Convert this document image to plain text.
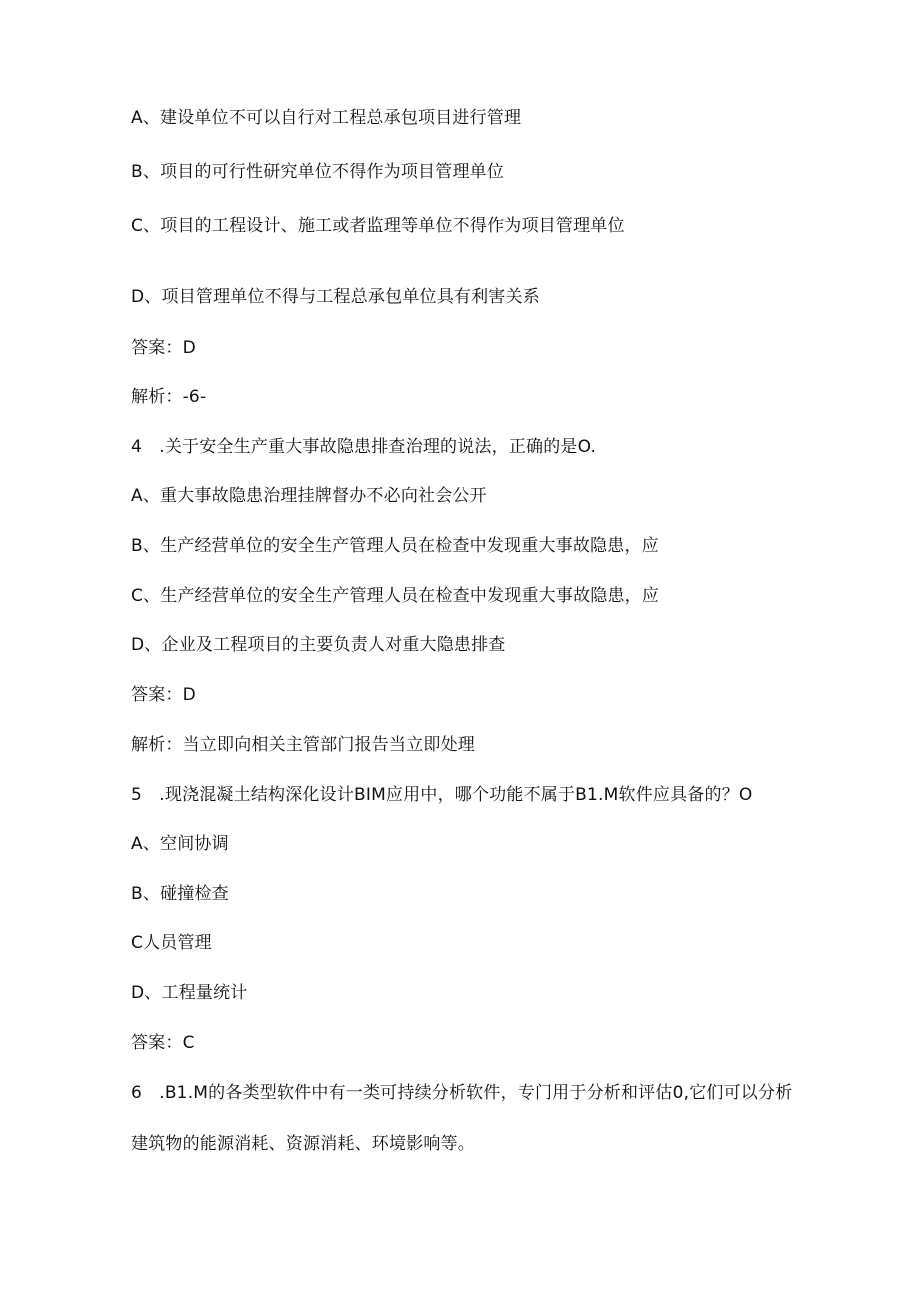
A、建设单位不可以自行对工程总承包项目进行管理
B、项目的可行性研究单位不得作为项目管理单位
C、项目的工程设计、施工或者监理等单位不得作为项目管理单位
D、项目管理单位不得与工程总承包单位具有利害关系
答案：D
解析：-6-
4　.关于安全生产重大事故隐患排查治理的说法，正确的是O.
A、重大事故隐患治理挂牌督办不必向社会公开
B、生产经营单位的安全生产管理人员在检查中发现重大事故隐患，应
C、生产经营单位的安全生产管理人员在检查中发现重大事故隐患，应
D、企业及工程项目的主要负责人对重大隐患排查
答案：D
解析：当立即向相关主管部门报告当立即处理
5　.现浇混凝土结构深化设计BIM应用中，哪个功能不属于B1.M软件应具备的？O
A、空间协调
B、碰撞检查
C人员管理
D、工程量统计
答案：C
6　.B1.M的各类型软件中有一类可持续分析软件，专门用于分析和评估0,它们可以分析
建筑物的能源消耗、资源消耗、环境影响等。
